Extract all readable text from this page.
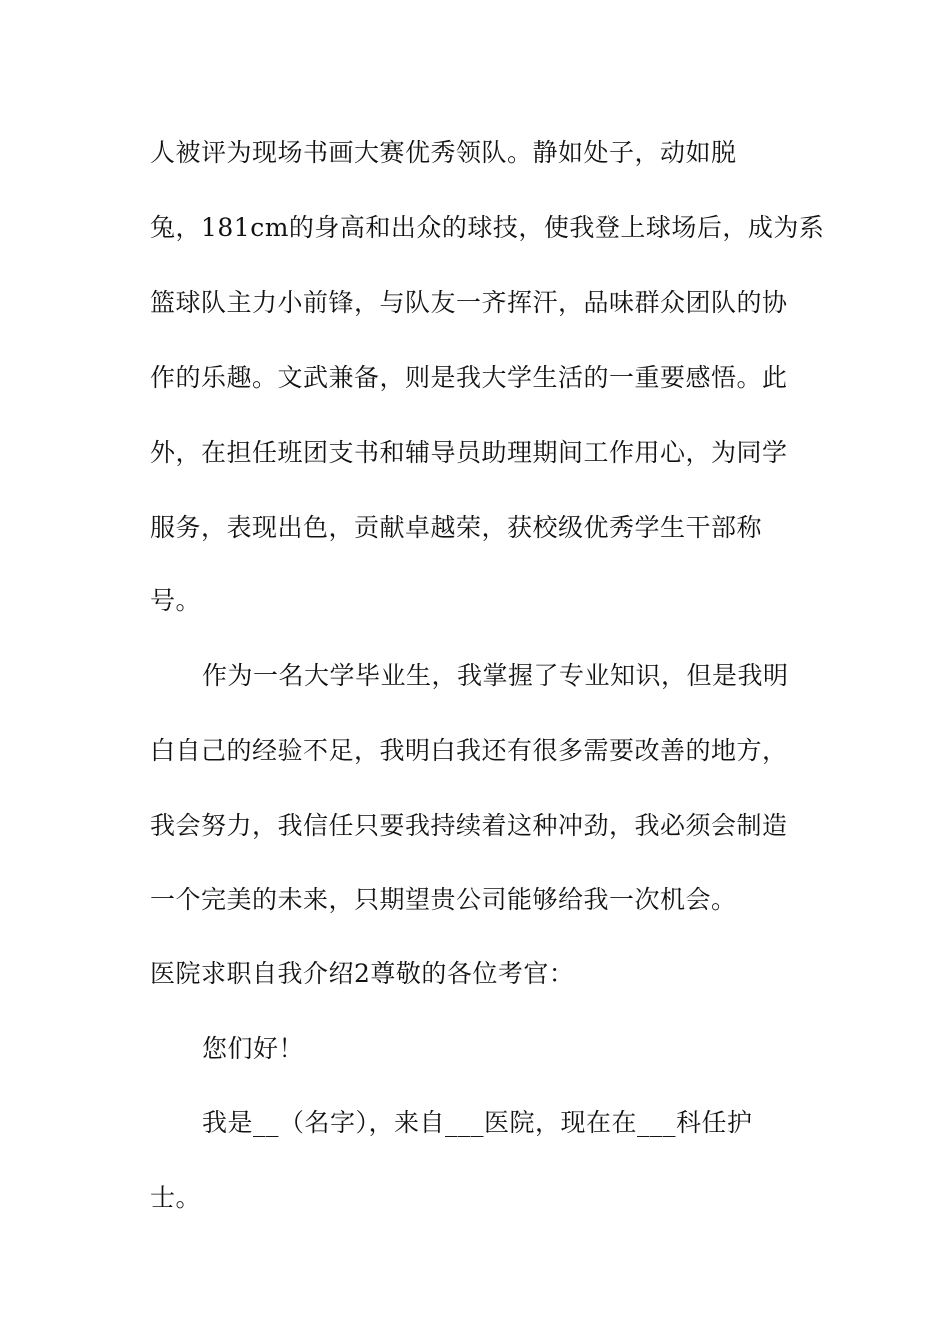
人被评为现场书画大赛优秀领队。静如处子，动如脱
兔，181cm的身高和出众的球技，使我登上球场后，成为系
篮球队主力小前锋，与队友一齐挥汗，品味群众团队的协
作的乐趣。文武兼备，则是我大学生活的一重要感悟。此
外，在担任班团支书和辅导员助理期间工作用心，为同学
服务，表现出色，贡献卓越荣，获校级优秀学生干部称
号。
作为一名大学毕业生，我掌握了专业知识，但是我明
白自己的经验不足，我明白我还有很多需要改善的地方，
我会努力，我信任只要我持续着这种冲劲，我必须会制造
一个完美的未来，只期望贵公司能够给我一次机会。
医院求职自我介绍2尊敬的各位考官：
您们好！
我是__（名字），来自___医院，现在在___科任护
士。
